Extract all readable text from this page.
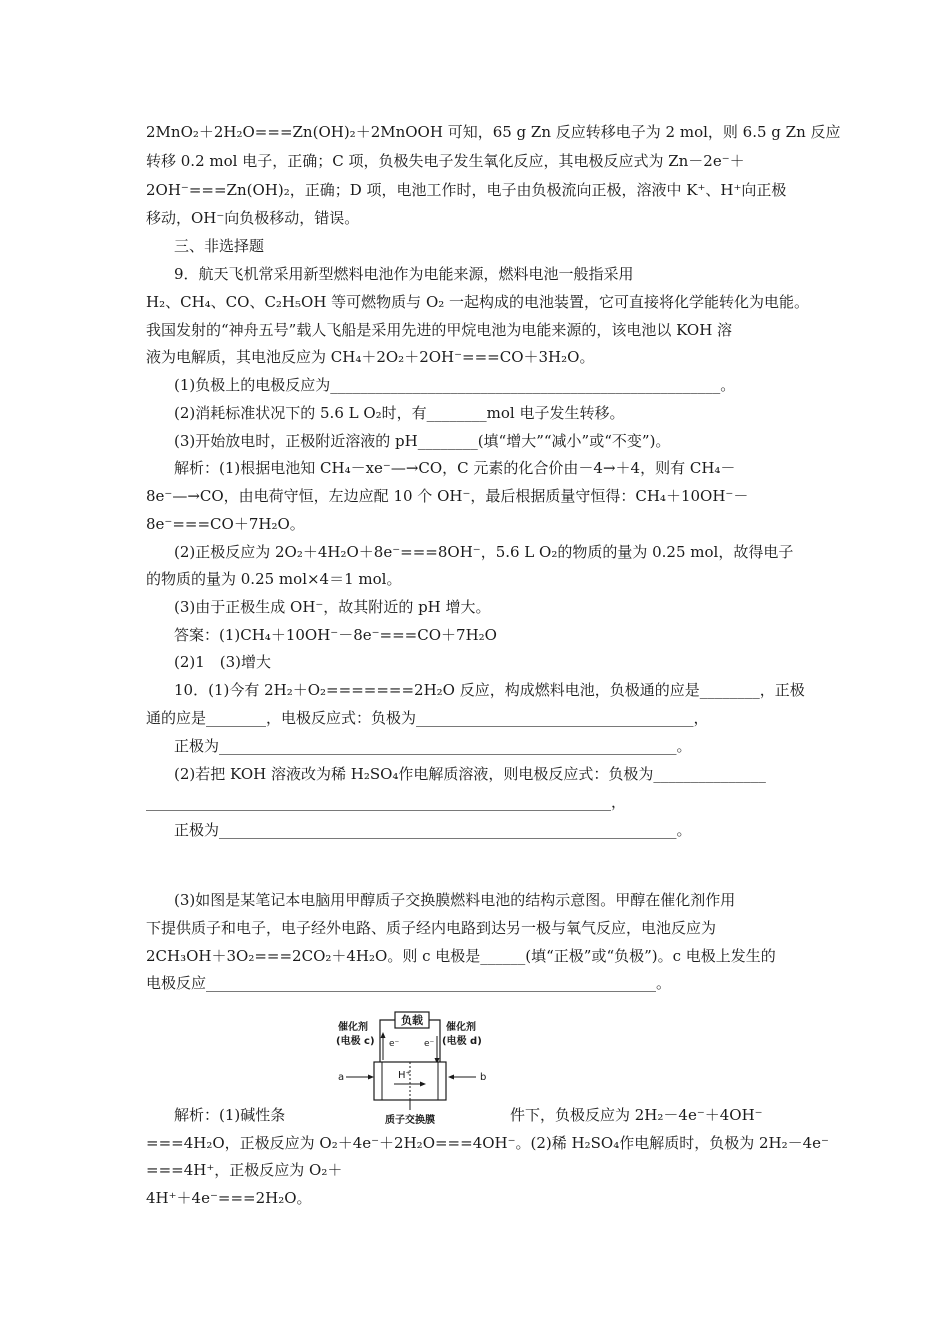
2MnO₂＋2H₂O===Zn(OH)₂＋2MnOOH 可知，65 g Zn 反应转移电子为 2 mol，则 6.5 g Zn 反应
转移 0.2 mol 电子，正确；C 项，负极失电子发生氧化反应，其电极反应式为 Zn－2e⁻＋
2OH⁻===Zn(OH)₂，正确；D 项，电池工作时，电子由负极流向正极，溶液中 K⁺、H⁺向正极
移动，OH⁻向负极移动，错误。
三、非选择题
9．航天飞机常采用新型燃料电池作为电能来源，燃料电池一般指采用
H₂、CH₄、CO、C₂H₅OH 等可燃物质与 O₂ 一起构成的电池装置，它可直接将化学能转化为电能。
我国发射的“神舟五号”载人飞船是采用先进的甲烷电池为电能来源的，该电池以 KOH 溶
液为电解质，其电池反应为 CH₄＋2O₂＋2OH⁻===CO＋3H₂O。
(1)负极上的电极反应为____________________________________________________。
(2)消耗标准状况下的 5.6 L O₂时，有________mol 电子发生转移。
(3)开始放电时，正极附近溶液的 pH________(填“增大”“减小”或“不变”)。
解析：(1)根据电池知 CH₄－xe⁻—→CO，C 元素的化合价由－4→＋4，则有 CH₄－
8e⁻—→CO，由电荷守恒，左边应配 10 个 OH⁻，最后根据质量守恒得：CH₄＋10OH⁻－
8e⁻===CO＋7H₂O。
(2)正极反应为 2O₂＋4H₂O＋8e⁻===8OH⁻，5.6 L O₂的物质的量为 0.25 mol，故得电子
的物质的量为 0.25 mol×4＝1 mol。
(3)由于正极生成 OH⁻，故其附近的 pH 增大。
答案：(1)CH₄＋10OH⁻－8e⁻===CO＋7H₂O
(2)1　(3)增大
10．(1)今有 2H₂＋O₂=======2H₂O 反应，构成燃料电池，负极通的应是________，正极
通的应是________，电极反应式：负极为_____________________________________，
正极为_____________________________________________________________。
(2)若把 KOH 溶液改为稀 H₂SO₄作电解质溶液，则电极反应式：负极为_______________
______________________________________________________________，
正极为_____________________________________________________________。
(3)如图是某笔记本电脑用甲醇质子交换膜燃料电池的结构示意图。甲醇在催化剂作用
下提供质子和电子，电子经外电路、质子经内电路到达另一极与氧气反应，电池反应为
2CH₃OH＋3O₂===2CO₂＋4H₂O。则 c 电极是______(填“正极”或“负极”)。c 电极上发生的
电极反应____________________________________________________________。
解析：(1)碱性条	件下，负极反应为 2H₂－4e⁻＋4OH⁻
===4H₂O，正极反应为 O₂＋4e⁻＋2H₂O===4OH⁻。(2)稀 H₂SO₄作电解质时，负极为 2H₂－4e⁻
===4H⁺，正极反应为 O₂＋
4H⁺＋4e⁻===2H₂O。
负载
e⁻	e⁻
催化剂
(电极 c)
催化剂
(电极 d)
H⁺
a	b
质子交换膜
